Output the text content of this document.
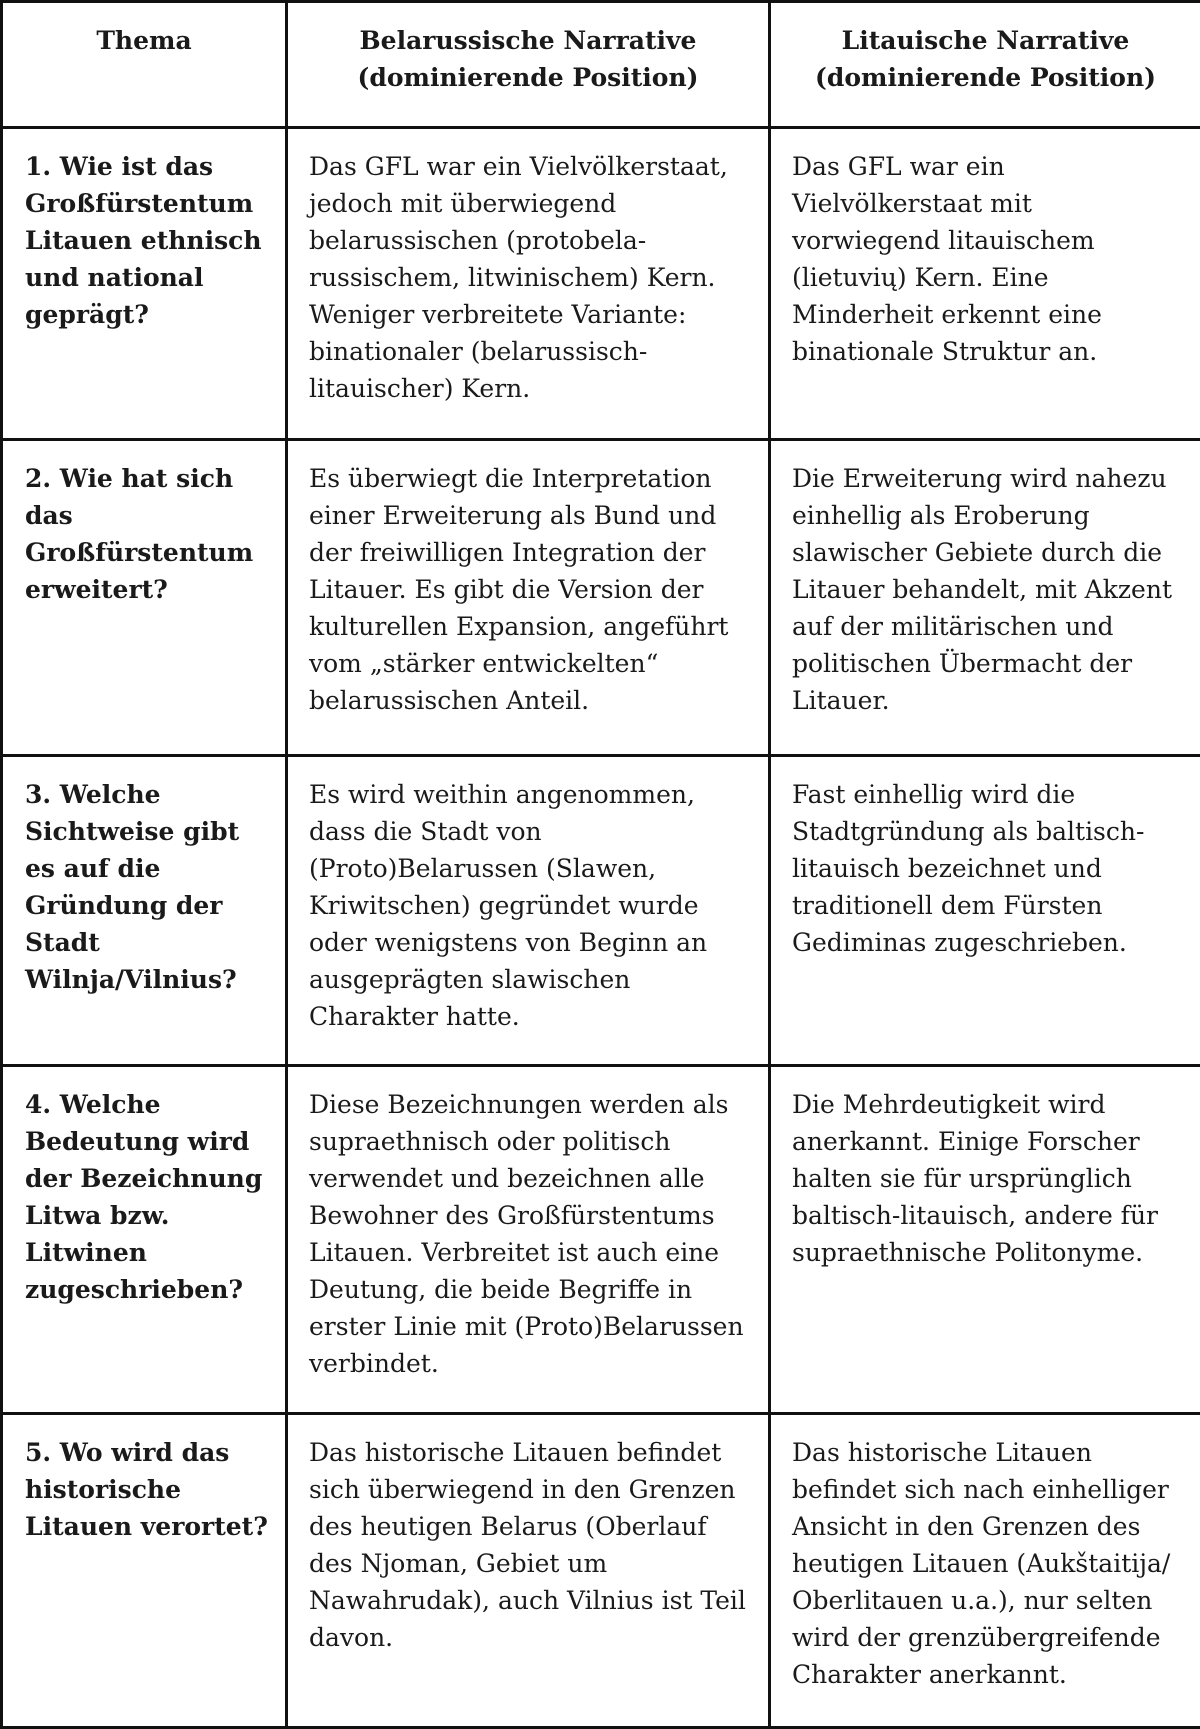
Thema	Belarussische Narrative (dominierende Position)	Litauische Narrative (dominierende Position)
1. Wie ist das Großfürstentum Litauen ethnisch und national geprägt?	Das GFL war ein Vielvölkerstaat, jedoch mit überwiegend belarussischen (protobela-russischem, litwinischem) Kern. Weniger verbreitete Variante: binationaler (belarussisch-litauischer) Kern.	Das GFL war ein Vielvölkerstaat mit vorwiegend litauischem (lietuvių) Kern. Eine Minderheit erkennt eine binationale Struktur an.
2. Wie hat sich das Großfürstentum erweitert?	Es überwiegt die Interpretation einer Erweiterung als Bund und der freiwilligen Integration der Litauer. Es gibt die Version der kulturellen Expansion, angeführt vom „stärker entwickelten“ belarussischen Anteil.	Die Erweiterung wird nahezu einhellig als Eroberung slawischer Gebiete durch die Litauer behandelt, mit Akzent auf der militärischen und politischen Übermacht der Litauer.
3. Welche Sichtweise gibt es auf die Gründung der Stadt Wilnja/Vilnius?	Es wird weithin angenommen, dass die Stadt von (Proto)Belarussen (Slawen, Kriwitschen) gegründet wurde oder wenigstens von Beginn an ausgeprägten slawischen Charakter hatte.	Fast einhellig wird die Stadtgründung als baltisch-litauisch bezeichnet und traditionell dem Fürsten Gediminas zugeschrieben.
4. Welche Bedeutung wird der Bezeichnung Litwa bzw. Litwinen zugeschrieben?	Diese Bezeichnungen werden als supraethnisch oder politisch verwendet und bezeichnen alle Bewohner des Großfürstentums Litauen. Verbreitet ist auch eine Deutung, die beide Begriffe in erster Linie mit (Proto)Belarussen verbindet.	Die Mehrdeutigkeit wird anerkannt. Einige Forscher halten sie für ursprünglich baltisch-litauisch, andere für supraethnische Politonyme.
5. Wo wird das historische Litauen verortet?	Das historische Litauen befindet sich überwiegend in den Grenzen des heutigen Belarus (Oberlauf des Njoman, Gebiet um Nawahrudak), auch Vilnius ist Teil davon.	Das historische Litauen befindet sich nach einhelliger Ansicht in den Grenzen des heutigen Litauen (Aukštaitija/ Oberlitauen u.a.), nur selten wird der grenzübergreifende Charakter anerkannt.
